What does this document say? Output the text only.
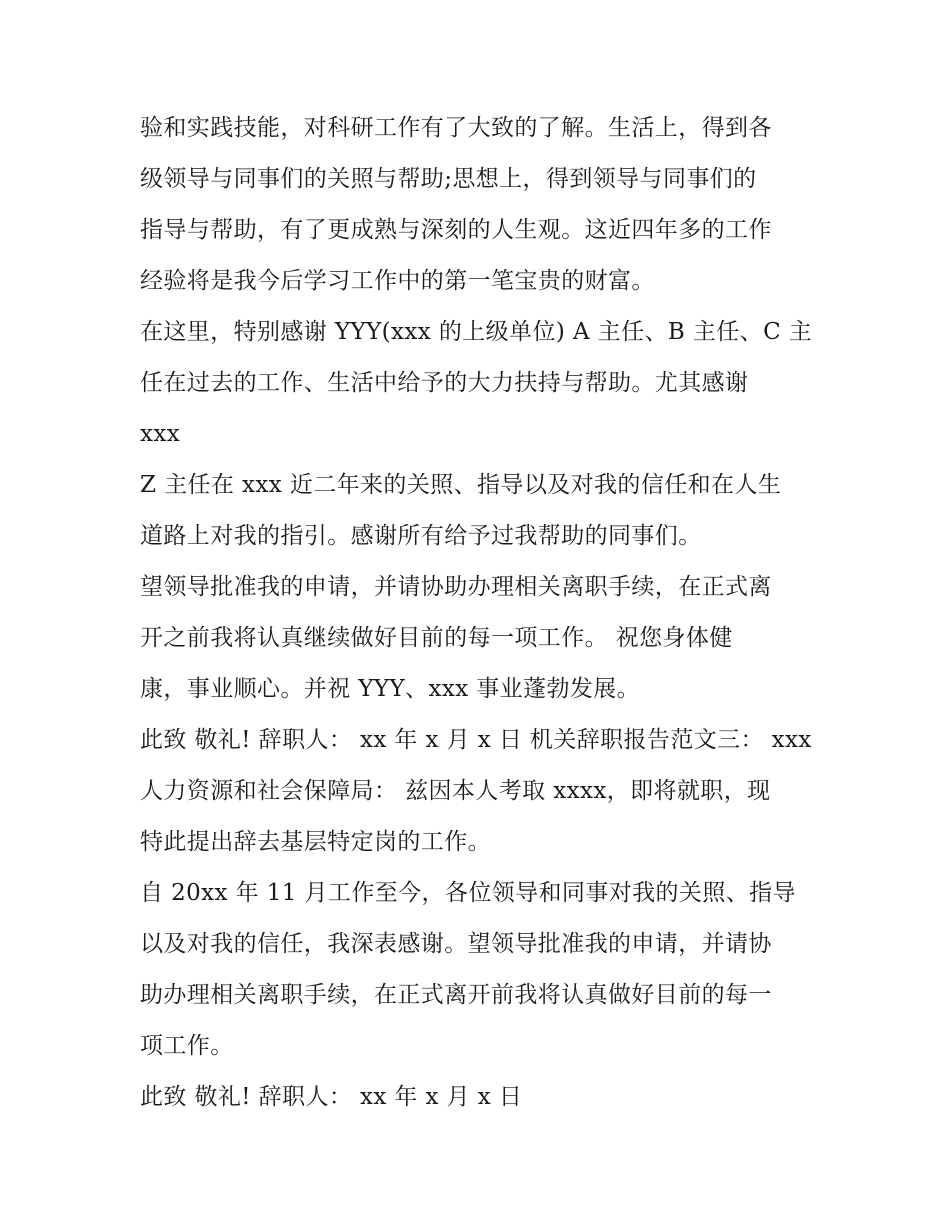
验和实践技能，对科研工作有了大致的了解。生活上，得到各
级领导与同事们的关照与帮助;思想上，得到领导与同事们的
指导与帮助，有了更成熟与深刻的人生观。这近四年多的工作
经验将是我今后学习工作中的第一笔宝贵的财富。
在这里，特别感谢 YYY(xxx 的上级单位) A 主任、B 主任、C 主
任在过去的工作、生活中给予的大力扶持与帮助。尤其感谢
xxx
Z 主任在 xxx 近二年来的关照、指导以及对我的信任和在人生
道路上对我的指引。感谢所有给予过我帮助的同事们。
望领导批准我的申请，并请协助办理相关离职手续，在正式离
开之前我将认真继续做好目前的每一项工作。 祝您身体健
康，事业顺心。并祝 YYY、xxx 事业蓬勃发展。
此致 敬礼! 辞职人： xx 年 x 月 x 日 机关辞职报告范文三： xxx
人力资源和社会保障局： 兹因本人考取 xxxx，即将就职，现
特此提出辞去基层特定岗的工作。
自 20xx 年 11 月工作至今，各位领导和同事对我的关照、指导
以及对我的信任，我深表感谢。望领导批准我的申请，并请协
助办理相关离职手续，在正式离开前我将认真做好目前的每一
项工作。
此致 敬礼! 辞职人： xx 年 x 月 x 日
